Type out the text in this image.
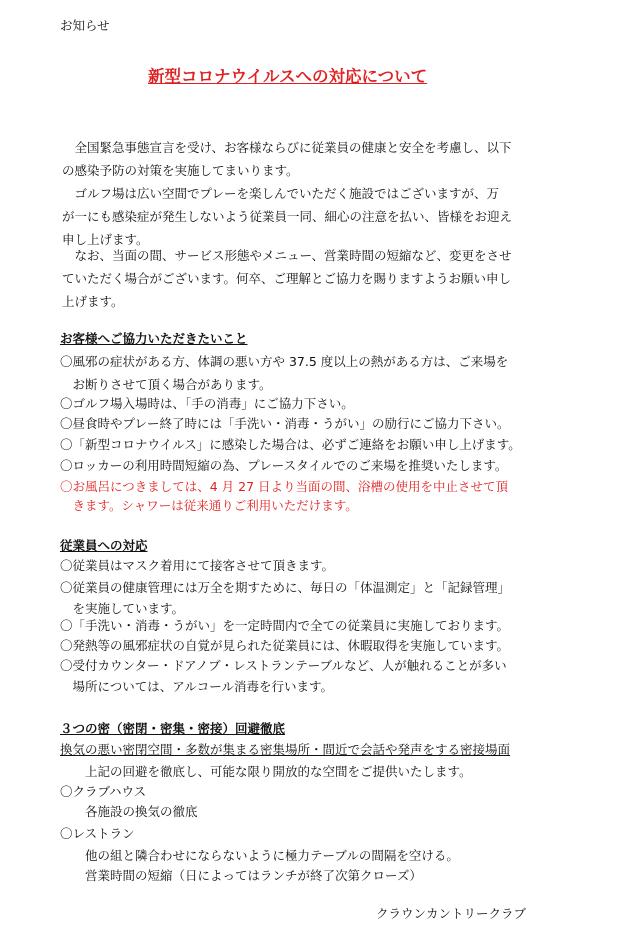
お知らせ
新型コロナウイルスへの対応について
　全国緊急事態宣言を受け、お客様ならびに従業員の健康と安全を考慮し、以下
の感染予防の対策を実施してまいります。
　ゴルフ場は広い空間でプレーを楽しんでいただく施設ではございますが、万
が一にも感染症が発生しないよう従業員一同、細心の注意を払い、皆様をお迎え
申し上げます。
　なお、当面の間、サービス形態やメニュー、営業時間の短縮など、変更をさせ
ていただく場合がございます。何卒、ご理解とご協力を賜りますようお願い申し
上げます。
お客様へご協力いただきたいこと
〇風邪の症状がある方、体調の悪い方や 37.5 度以上の熱がある方は、ご来場を
　お断りさせて頂く場合があります。
〇ゴルフ場入場時は、「手の消毒」にご協力下さい。
〇昼食時やプレー終了時には「手洗い・消毒・うがい」の励行にご協力下さい。
〇「新型コロナウイルス」に感染した場合は、必ずご連絡をお願い申し上げます。
〇ロッカーの利用時間短縮の為、プレースタイルでのご来場を推奨いたします。
〇お風呂につきましては、4 月 27 日より当面の間、浴槽の使用を中止させて頂
　きます。シャワーは従来通りご利用いただけます。
従業員への対応
〇従業員はマスク着用にて接客させて頂きます。
〇従業員の健康管理には万全を期すために、毎日の「体温測定」と「記録管理」
　を実施しています。
〇「手洗い・消毒・うがい」を一定時間内で全ての従業員に実施しております。
〇発熱等の風邪症状の自覚が見られた従業員には、休暇取得を実施しています。
〇受付カウンター・ドアノブ・レストランテーブルなど、人が触れることが多い
　場所については、アルコール消毒を行います。
３つの密（密閉・密集・密接）回避徹底
換気の悪い密閉空間・多数が集まる密集場所・間近で会話や発声をする密接場面
　　上記の回避を徹底し、可能な限り開放的な空間をご提供いたします。
〇クラブハウス
　　各施設の換気の徹底
〇レストラン
　　他の組と隣合わせにならないように極力テーブルの間隔を空ける。
　　営業時間の短縮（日によってはランチが終了次第クローズ）
クラウンカントリークラブ
